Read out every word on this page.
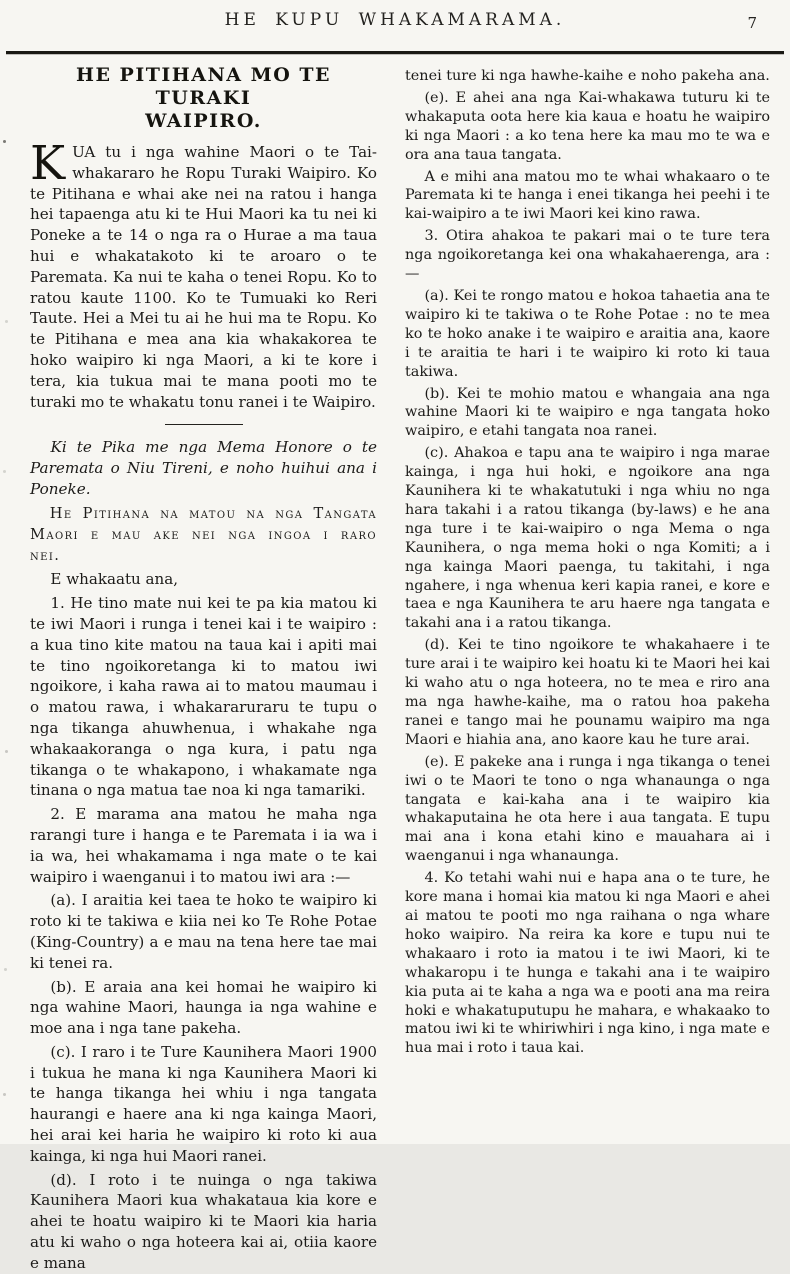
HE KUPU WHAKAMARAMA.	7
HE PITIHANA MO TE TURAKI
WAIPIRO.

K UA tu i nga wahine Maori o te Tai-whakararo he Ropu Turaki Waipiro. Ko te Pitihana e whai ake nei na ratou i hanga hei tapaenga atu ki te Hui Maori ka tu nei ki Poneke a te 14 o nga ra o Hurae a ma taua hui e whakatakoto ki te aroaro o te Paremata. Ka nui te kaha o tenei Ropu. Ko to ratou kaute 1100. Ko te Tumuaki ko Reri Taute. Hei a Mei tu ai he hui ma te Ropu. Ko te Pitihana e mea ana kia whakakorea te hoko waipiro ki nga Maori, a ki te kore i tera, kia tukua mai te mana pooti mo te turaki mo te whakatu tonu ranei i te Waipiro.

Ki te Pika me nga Mema Honore o te Paremata o Niu Tireni, e noho huihui ana i Poneke.

He Pitihana na matou na nga Tangata Maori e mau ake nei nga ingoa i raro nei.

E whakaatu ana,

1. He tino mate nui kei te pa kia matou ki te iwi Maori i runga i tenei kai i te waipiro : a kua tino kite matou na taua kai i apiti mai te tino ngoikoretanga ki to matou iwi ngoikore, i kaha rawa ai to matou maumau i o matou rawa, i whakararuraru te tupu o nga tikanga ahuwhenua, i whakahe nga whakaakoranga o nga kura, i patu nga tikanga o te whakapono, i whakamate nga tinana o nga matua tae noa ki nga tamariki.

2. E marama ana matou he maha nga rarangi ture i hanga e te Paremata i ia wa i ia wa, hei whakamama i nga mate o te kai waipiro i waenganui i to matou iwi ara :—

(a). I araitia kei taea te hoko te waipiro ki roto ki te takiwa e kiia nei ko Te Rohe Potae (King-Country) a e mau na tena here tae mai ki tenei ra.

(b). E araia ana kei homai he waipiro ki nga wahine Maori, haunga ia nga wahine e moe ana i nga tane pakeha.

(c). I raro i te Ture Kaunihera Maori 1900 i tukua he mana ki nga Kaunihera Maori ki te hanga tikanga hei whiu i nga tangata haurangi e haere ana ki nga kainga Maori, hei arai kei haria he waipiro ki roto ki aua kainga, ki nga hui Maori ranei.

(d). I roto i te nuinga o nga takiwa Kaunihera Maori kua whakataua kia kore e ahei te hoatu waipiro ki te Maori kia haria atu ki waho o nga hoteera kai ai, otiia kaore e mana

tenei ture ki nga hawhe-kaihe e noho pakeha ana.

(e). E ahei ana nga Kai-whakawa tuturu ki te whakaputa oota here kia kaua e hoatu he waipiro ki nga Maori : a ko tena here ka mau mo te wa e ora ana taua tangata.

A e mihi ana matou mo te whai whakaaro o te Paremata ki te hanga i enei tikanga hei peehi i te kai-waipiro a te iwi Maori kei kino rawa.

3. Otira ahakoa te pakari mai o te ture tera nga ngoikoretanga kei ona whakahaerenga, ara :—

(a). Kei te rongo matou e hokoa tahaetia ana te waipiro ki te takiwa o te Rohe Potae : no te mea ko te hoko anake i te waipiro e araitia ana, kaore i te araitia te hari i te waipiro ki roto ki taua takiwa.

(b). Kei te mohio matou e whangaia ana nga wahine Maori ki te waipiro e nga tangata hoko waipiro, e etahi tangata noa ranei.

(c). Ahakoa e tapu ana te waipiro i nga marae kainga, i nga hui hoki, e ngoikore ana nga Kaunihera ki te whakatutuki i nga whiu no nga hara takahi i a ratou tikanga (by-laws) e he ana nga ture i te kai-waipiro o nga Mema o nga Kaunihera, o nga mema hoki o nga Komiti; a i nga kainga Maori paenga, tu takitahi, i nga ngahere, i nga whenua keri kapia ranei, e kore e taea e nga Kaunihera te aru haere nga tangata e takahi ana i a ratou tikanga.

(d). Kei te tino ngoikore te whakahaere i te ture arai i te waipiro kei hoatu ki te Maori hei kai ki waho atu o nga hoteera, no te mea e riro ana ma nga hawhe-kaihe, ma o ratou hoa pakeha ranei e tango mai he pounamu waipiro ma nga Maori e hiahia ana, ano kaore kau he ture arai.

(e). E pakeke ana i runga i nga tikanga o tenei iwi o te Maori te tono o nga whanaunga o nga tangata e kai-kaha ana i te waipiro kia whakaputaina he ota here i aua tangata. E tupu mai ana i kona etahi kino e mauahara ai i waenganui i nga whanaunga.

4. Ko tetahi wahi nui e hapa ana o te ture, he kore mana i homai kia matou ki nga Maori e ahei ai matou te pooti mo nga raihana o nga whare hoko waipiro. Na reira ka kore e tupu nui te whakaaro i roto ia matou i te iwi Maori, ki te whakaropu i te hunga e takahi ana i te waipiro kia puta ai te kaha a nga wa e pooti ana ma reira hoki e whakatuputupu he mahara, e whakaako to matou iwi ki te whiriwhiri i nga kino, i nga mate e hua mai i roto i taua kai.
